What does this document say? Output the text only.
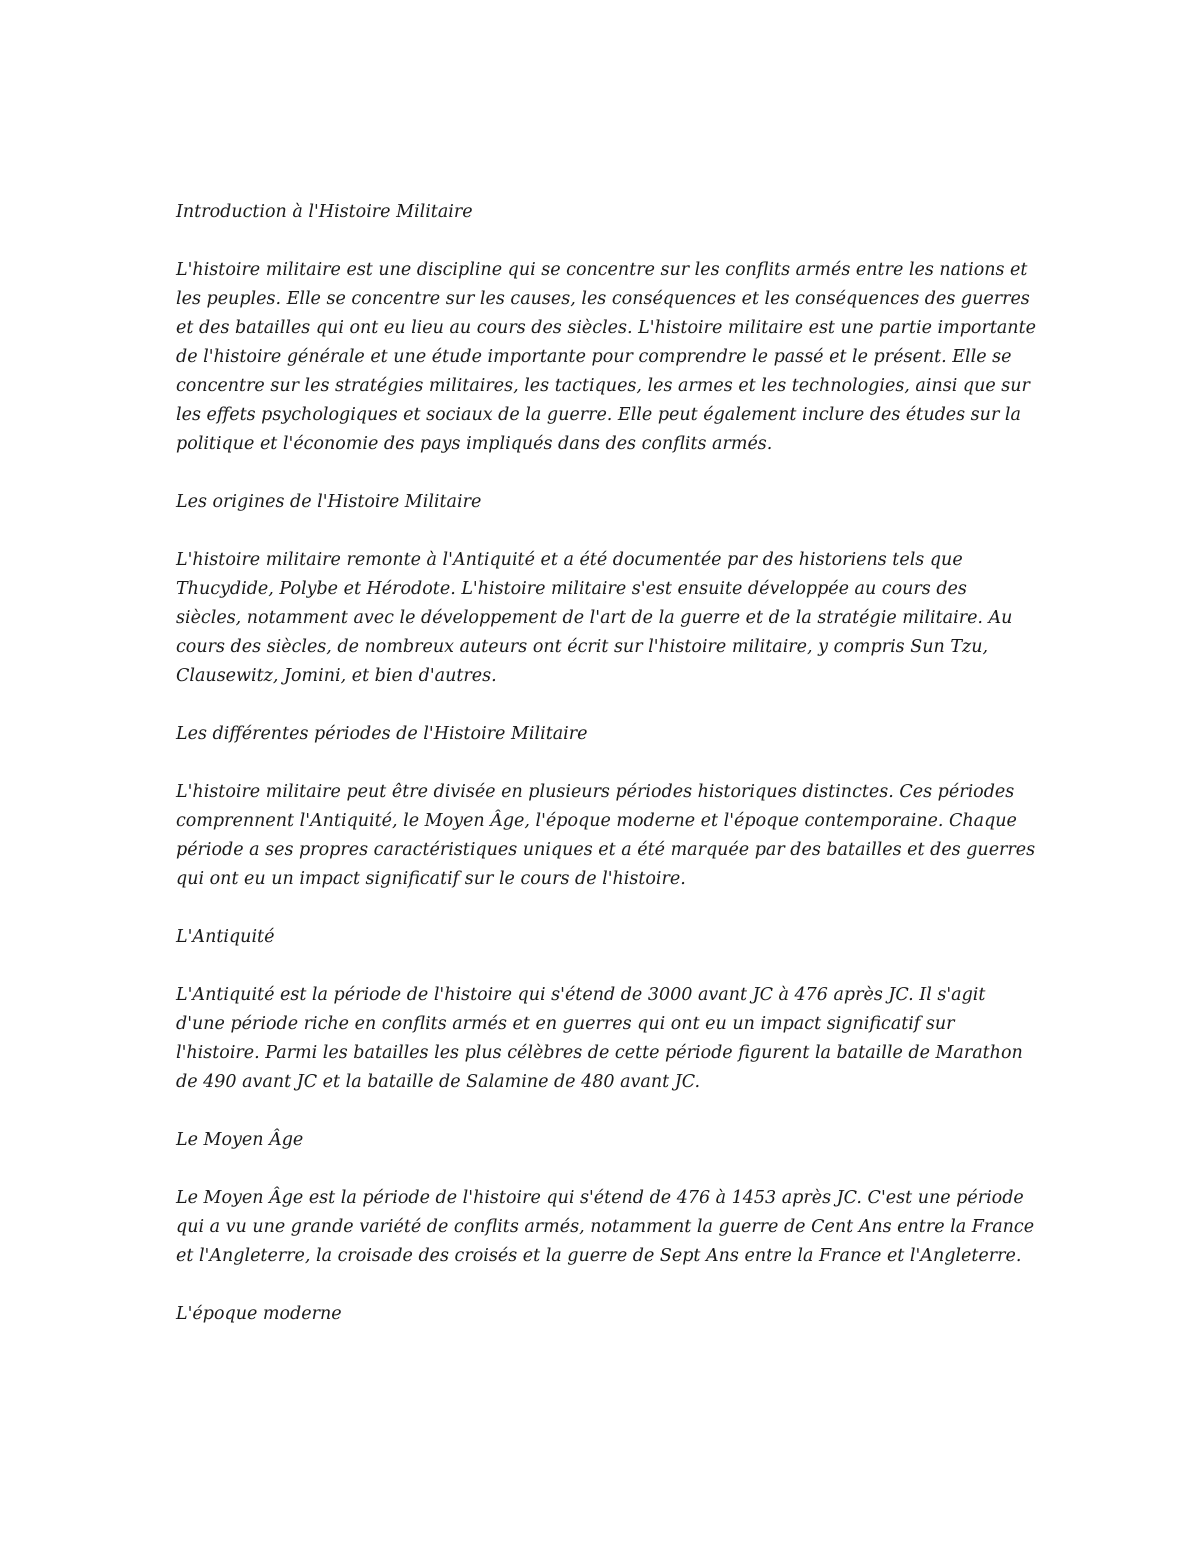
Introduction à l'Histoire Militaire

L'histoire militaire est une discipline qui se concentre sur les conflits armés entre les nations et les peuples. Elle se concentre sur les causes, les conséquences et les conséquences des guerres et des batailles qui ont eu lieu au cours des siècles. L'histoire militaire est une partie importante de l'histoire générale et une étude importante pour comprendre le passé et le présent. Elle se concentre sur les stratégies militaires, les tactiques, les armes et les technologies, ainsi que sur les effets psychologiques et sociaux de la guerre. Elle peut également inclure des études sur la politique et l'économie des pays impliqués dans des conflits armés.

Les origines de l'Histoire Militaire

L'histoire militaire remonte à l'Antiquité et a été documentée par des historiens tels que Thucydide, Polybe et Hérodote. L'histoire militaire s'est ensuite développée au cours des siècles, notamment avec le développement de l'art de la guerre et de la stratégie militaire. Au cours des siècles, de nombreux auteurs ont écrit sur l'histoire militaire, y compris Sun Tzu, Clausewitz, Jomini, et bien d'autres.

Les différentes périodes de l'Histoire Militaire

L'histoire militaire peut être divisée en plusieurs périodes historiques distinctes. Ces périodes comprennent l'Antiquité, le Moyen Âge, l'époque moderne et l'époque contemporaine. Chaque période a ses propres caractéristiques uniques et a été marquée par des batailles et des guerres qui ont eu un impact significatif sur le cours de l'histoire.

L'Antiquité

L'Antiquité est la période de l'histoire qui s'étend de 3000 avant JC à 476 après JC. Il s'agit d'une période riche en conflits armés et en guerres qui ont eu un impact significatif sur l'histoire. Parmi les batailles les plus célèbres de cette période figurent la bataille de Marathon de 490 avant JC et la bataille de Salamine de 480 avant JC.

Le Moyen Âge

Le Moyen Âge est la période de l'histoire qui s'étend de 476 à 1453 après JC. C'est une période qui a vu une grande variété de conflits armés, notamment la guerre de Cent Ans entre la France et l'Angleterre, la croisade des croisés et la guerre de Sept Ans entre la France et l'Angleterre.

L'époque moderne
